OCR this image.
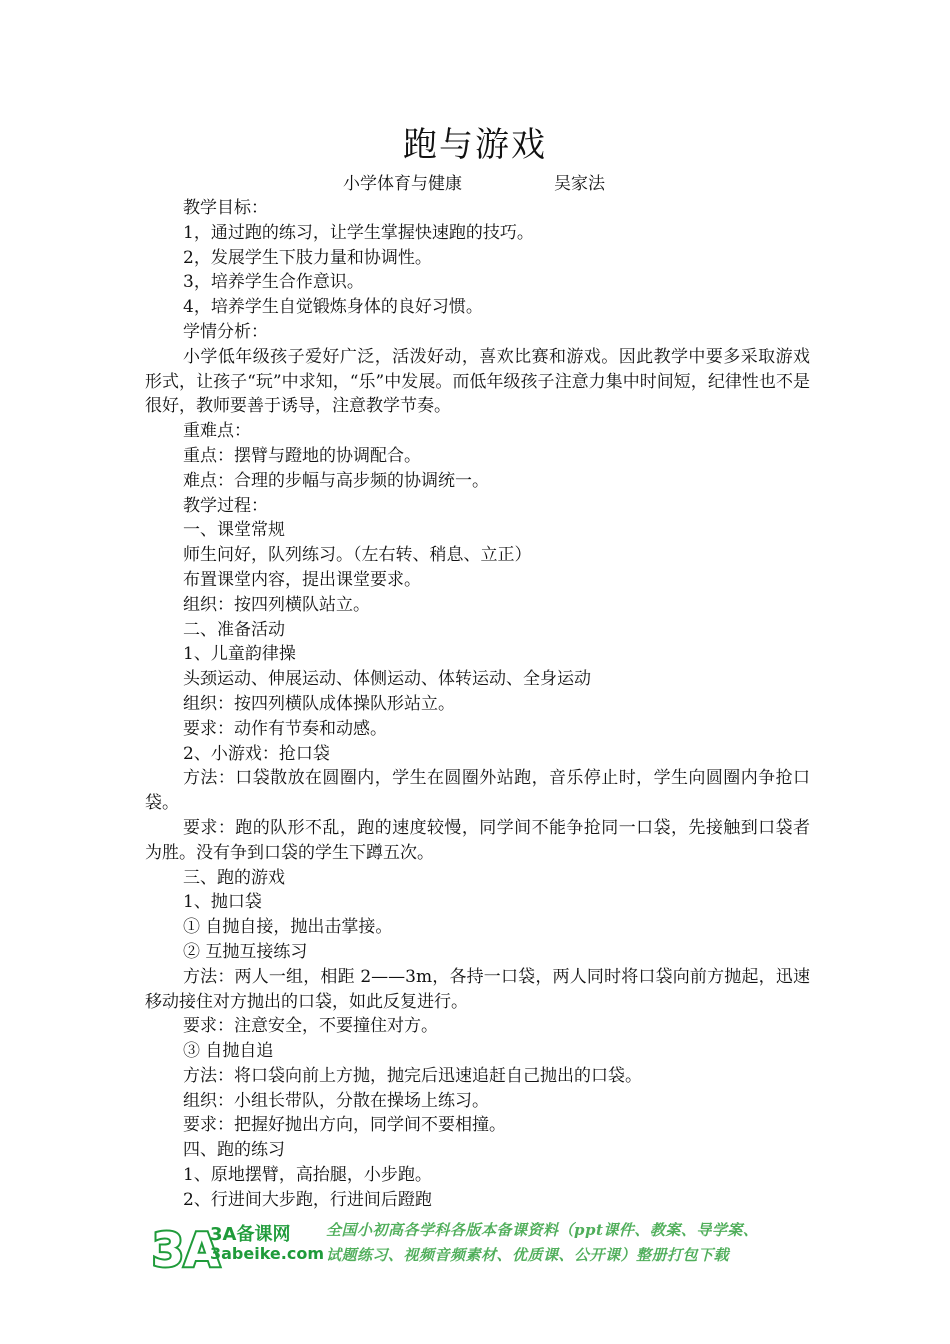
跑与游戏
小学体育与健康	吴家法

教学目标：

1，通过跑的练习，让学生掌握快速跑的技巧。

2，发展学生下肢力量和协调性。

3，培养学生合作意识。

4，培养学生自觉锻炼身体的良好习惯。

学情分析：

小学低年级孩子爱好广泛，活泼好动，喜欢比赛和游戏。因此教学中要多采取游戏形式，让孩子“玩”中求知，“乐”中发展。而低年级孩子注意力集中时间短，纪律性也不是很好，教师要善于诱导，注意教学节奏。

重难点：

重点：摆臂与蹬地的协调配合。

难点：合理的步幅与高步频的协调统一。

教学过程：

一、课堂常规

师生问好，队列练习。（左右转、稍息、立正）

布置课堂内容，提出课堂要求。

组织：按四列横队站立。

二、准备活动

1、儿童韵律操

头颈运动、伸展运动、体侧运动、体转运动、全身运动

组织：按四列横队成体操队形站立。

要求：动作有节奏和动感。

2、小游戏：抢口袋

方法：口袋散放在圆圈内，学生在圆圈外站跑，音乐停止时，学生向圆圈内争抢口袋。

要求：跑的队形不乱，跑的速度较慢，同学间不能争抢同一口袋，先接触到口袋者为胜。没有争到口袋的学生下蹲五次。

三、跑的游戏

1、抛口袋

① 自抛自接，抛出击掌接。

② 互抛互接练习

方法：两人一组，相距 2——3m，各持一口袋，两人同时将口袋向前方抛起，迅速移动接住对方抛出的口袋，如此反复进行。

要求：注意安全，不要撞住对方。

③ 自抛自追

方法：将口袋向前上方抛，抛完后迅速追赶自己抛出的口袋。

组织：小组长带队，分散在操场上练习。

要求：把握好抛出方向，同学间不要相撞。

四、跑的练习

1、原地摆臂，高抬腿，小步跑。

2、行进间大步跑，行进间后蹬跑

3A
3A备课网
3abeike.com
全国小初高各学科各版本备课资料（ppt课件、教案、导学案、
试题练习、视频音频素材、优质课、公开课）整册打包下载
